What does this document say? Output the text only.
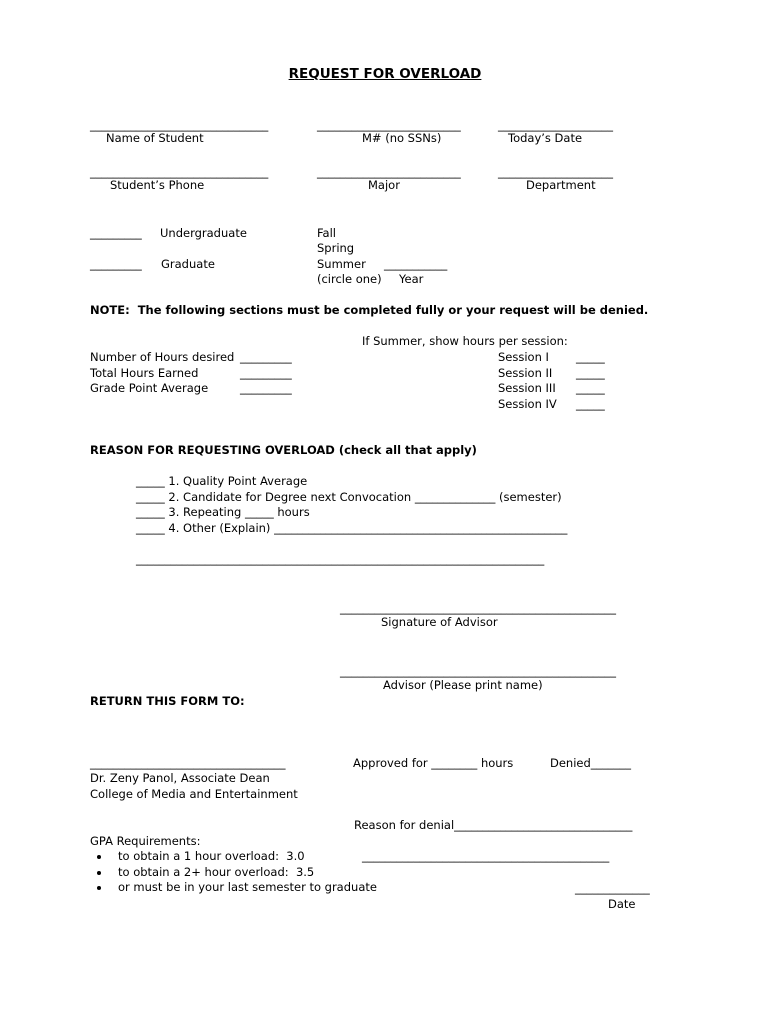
REQUEST FOR OVERLOAD
_______________________________	_________________________	____________________
Name of Student	M# (no SSNs)	Today’s Date
_______________________________	_________________________	____________________
Student’s Phone	Major	Department
_________ Undergraduate
_________ Graduate
Fall
Spring
Summer ___________
(circle one) Year
NOTE:  The following sections must be completed fully or your request will be denied.
If Summer, show hours per session:
Session I _____
Session II _____
Session III _____
Session IV _____
Number of Hours desired _________
Total Hours Earned	_________
Grade Point Average	_________
REASON FOR REQUESTING OVERLOAD (check all that apply)
_____ 1. Quality Point Average
_____ 2. Candidate for Degree next Convocation ______________ (semester)
_____ 3. Repeating _____ hours
_____ 4. Other (Explain) ___________________________________________________
_______________________________________________________________________
________________________________________________
Signature of Advisor
________________________________________________
Advisor (Please print name)
RETURN THIS FORM TO:
__________________________________
Dr. Zeny Panol, Associate Dean
College of Media and Entertainment
Approved for ________ hours	Denied_______
Reason for denial_______________________________
___________________________________________
_____________
Date
GPA Requirements:
to obtain a 1 hour overload:  3.0
to obtain a 2+ hour overload:  3.5
or must be in your last semester to graduate
